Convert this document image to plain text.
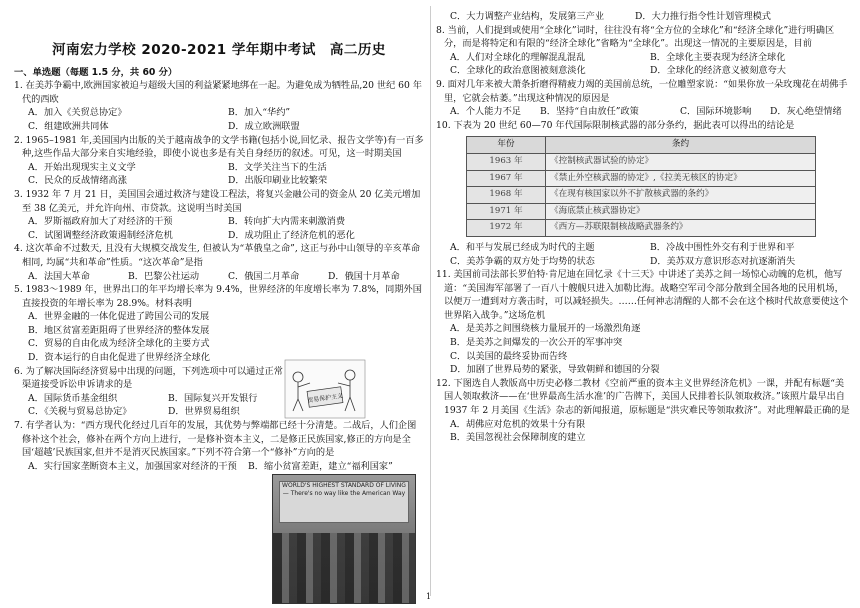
河南宏力学校 2020-2021 学年期中考试　高二历史
一、单选题（每题 1.5 分，共 60 分）
1. 在美苏争霸中,欧洲国家被迫与超级大国的利益紧紧地绑在一起。为避免成为牺牲品,20 世纪 60 年代的西欧
A．加入《关贸总协定》	B．加入“华约”
C．组建欧洲共同体	D．成立欧洲联盟
2. 1965–1981 年,美国国内出版的关于越南战争的文学书籍(包括小说,回忆录、报告文学等)有一百多种,这些作品大部分来自实地经验，即使小说也多是有关自身经历的叙述。可见，这一时期美国
A．开始出现现实主义文学	B．文学关注当下的生活
C．民众的反战情绪高涨	D．出版印刷业比较繁荣
3. 1932 年 7 月 21 日，美国国会通过救济与建设工程法，将复兴金融公司的资金从 20 亿美元增加至 38 亿美元，并允许向州、市贷款。这说明当时美国
A．罗斯福政府加大了对经济的干预	B．转向扩大内需来刺激消费
C．试图调整经济政策遏制经济危机	D．成功阻止了经济危机的恶化
4. 这次革命不过数天, 且没有大规模交战发生, 但被认为“革俄皇之命”, 这正与孙中山领导的辛亥革命相同, 均属“共和革命”性质。“这次革命”是指
A．法国大革命	B．巴黎公社运动	C．俄国二月革命	D．俄国十月革命
5. 1983～1989 年，世界出口的年平均增长率为 9.4%，世界经济的年度增长率为 7.8%，同期外国直接投资的年增长率为 28.9%。材料表明
A．世界金融的一体化促进了跨国公司的发展
B．地区贫富差距阻碍了世界经济的整体发展
C．贸易的自由化成为经济全球化的主要方式
D．资本运行的自由化促进了世界经济全球化
6. 为了解决国际经济贸易中出现的问题，下列选项中可以通过正常渠道接受诉讼申诉请求的是
A．国际货币基金组织	B．国际复兴开发银行
C．《关税与贸易总协定》	D．世界贸易组织
贸易保护主义
7. 有学者认为：“西方现代化经过几百年的发展，其优势与弊端都已经十分清楚。二战后，人们企图修补这个社会，修补在两个方向上进行，一是修补资本主义，二是修正民族国家,修正的方向是全国‘超越’民族国家,但并不是消灭民族国家。”下列不符合第一个“修补”方向的是
A．实行国家垄断资本主义，加强国家对经济的干预	B．缩小贫富差距，建立“福利国家”
C．大力调整产业结构，发展第三产业	D．大力推行指令性计划管理模式
8. 当前，人们提到或使用“全球化”词时，往往没有将“全方位的全球化”和“经济全球化”进行明确区分，而是将特定和有限的“经济全球化”省略为“全球化”。出现这一情况的主要原因是，目前
A．人们对全球化的理解混乱混乱	B．全球化主要表现为经济全球化
C．全球化的政治意图被刻意淡化	D．全球化的经济意义被刻意夸大
9. 面对几年来被大萧条折磨得精疲力竭的美国前总统，一位雕塑家说：“如果你放一朵玫瑰花在胡佛手里，它就会枯萎。”出现这种情况的原因是
A．个人能力不足	B．坚持“自由放任”政策	C．国际环境影响	D．灰心绝望情绪
10. 下表为 20 世纪 60—70 年代国际限制核武器的部分条约，据此表可以得出的结论是
年份	条约
1963 年	《控制核武器试验的协定》
1967 年	《禁止外空核武器的协定》,《拉美无核区的协定》
1968 年	《在现有核国家以外不扩散核武器的条约》
1971 年	《海底禁止核武器协定》
1972 年	《西方—苏联限制核战略武器条约》
A．和平与发展已经成为时代的主题	B．冷战中围性外交有利于世界和平
C．美苏争霸的双方处于均势的状态	D．美苏双方意识形态对抗逐渐消失
11. 美国前司法部长罗伯特·肯尼迪在回忆录《十三天》中讲述了美苏之间一场惊心动魄的危机，他写道：“美国海军部署了一百八十艘舰只进入加勒比海。战略空军司令部分散到全国各地的民用机场，以便万一遭到对方袭击时，可以减轻损失。……任何神志清醒的人都不会在这个核时代故意要使这个世界陷入战争。”这场危机
A．是美苏之间围绕核力量展开的一场激烈角逐
B．是美苏之间爆发的一次公开的军事冲突
C．以美国的最终妥协而告终
D．加剧了世界局势的紧张，导致朝鲜和德国的分裂
12. 下图选自人教版高中历史必修二教材《空前严重的资本主义世界经济危机》一课，并配有标题“美国人领取救济——在‘世界最高生活水准’的广告牌下，美国人民排着长队领取救济。”该照片最早出自 1937 年 2 月美国《生活》杂志的新闻报道，原标题是“洪灾难民等领取救济”。对此理解最正确的是
A．胡佛应对危机的效果十分有限
B．美国忽视社会保障制度的建立
WORLD'S HIGHEST STANDARD OF LIVING — There's no way like the American Way
1
